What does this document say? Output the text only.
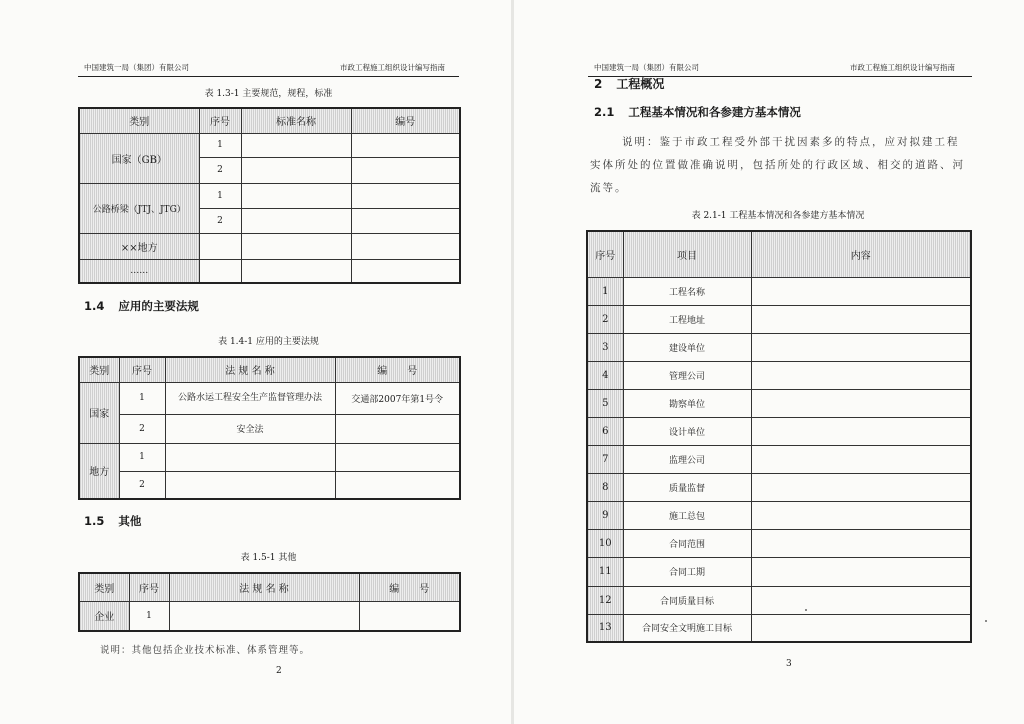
中国建筑一局（集团）有限公司	市政工程施工组织设计编写指南
表 1.3-1 主要规范，规程，标准
类别	序号	标准名称	编号
国家（GB）	1		
	2		
公路桥梁（JTJ、JTG）	1		
	2		
××地方			
……			
1.4 应用的主要法规
表 1.4-1 应用的主要法规
类别	序号	法 规 名 称	编　　号
国家	1	公路水运工程安全生产监督管理办法	交通部2007年第1号令
	2	安全法	
地方	1		
	2		
1.5 其他
表 1.5-1 其他
类别	序号	法 规 名 称	编　　号
企业	1		
说明：其他包括企业技术标准、体系管理等。
2
中国建筑一局（集团）有限公司	市政工程施工组织设计编写指南
2 工程概况
2.1 工程基本情况和各参建方基本情况
说明：鉴于市政工程受外部干扰因素多的特点，应对拟建工程实体所处的位置做准确说明，包括所处的行政区域、相交的道路、河流等。
表 2.1-1 工程基本情况和各参建方基本情况
序号	项目	内容
1	工程名称	
2	工程地址	
3	建设单位	
4	管理公司	
5	勘察单位	
6	设计单位	
7	监理公司	
8	质量监督	
9	施工总包	
10	合同范围	
11	合同工期	
12	合同质量目标	
13	合同安全文明施工目标	
3
